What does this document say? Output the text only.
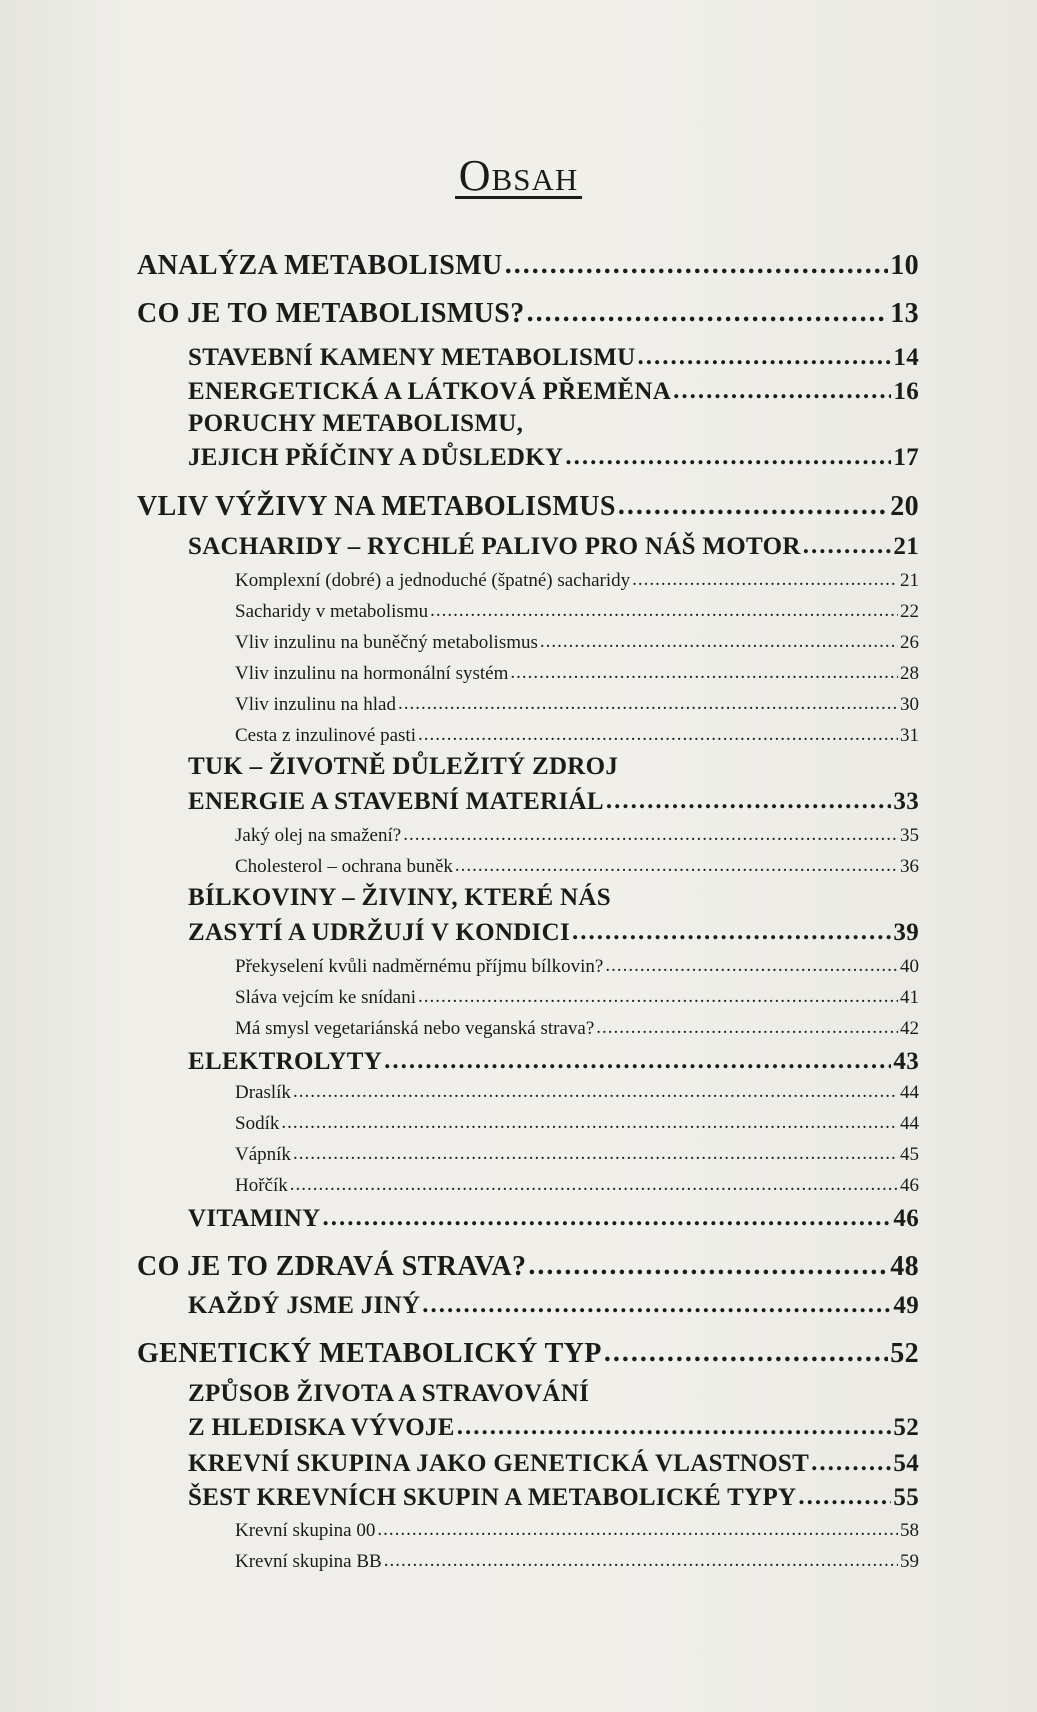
Obsah
ANALÝZA METABOLISMU .....	10
CO JE TO METABOLISMUS? .....	13
STAVEBNÍ KAMENY METABOLISMU .....	14
ENERGETICKÁ A LÁTKOVÁ PŘEMĚNA .....	16
PORUCHY METABOLISMU,
JEJICH PŘÍČINY A DŮSLEDKY .....	17
VLIV VÝŽIVY NA METABOLISMUS .....	20
SACHARIDY – RYCHLÉ PALIVO PRO NÁŠ MOTOR .....	21
Komplexní (dobré) a jednoduché (špatné) sacharidy .....	21
Sacharidy v metabolismu .....	22
Vliv inzulinu na buněčný metabolismus .....	26
Vliv inzulinu na hormonální systém .....	28
Vliv inzulinu na hlad .....	30
Cesta z inzulinové pasti .....	31
TUK – ŽIVOTNĚ DŮLEŽITÝ ZDROJ
ENERGIE A STAVEBNÍ MATERIÁL .....	33
Jaký olej na smažení? .....	35
Cholesterol – ochrana buněk .....	36
BÍLKOVINY – ŽIVINY, KTERÉ NÁS
ZASYTÍ A UDRŽUJÍ V KONDICI .....	39
Překyselení kvůli nadměrnému příjmu bílkovin? .....	40
Sláva vejcím ke snídani .....	41
Má smysl vegetariánská nebo veganská strava? .....	42
ELEKTROLYTY .....	43
Draslík .....	44
Sodík .....	44
Vápník .....	45
Hořčík .....	46
VITAMINY .....	46
CO JE TO ZDRAVÁ STRAVA? .....	48
KAŽDÝ JSME JINÝ .....	49
GENETICKÝ METABOLICKÝ TYP .....	52
ZPŮSOB ŽIVOTA A STRAVOVÁNÍ
Z HLEDISKA VÝVOJE .....	52
KREVNÍ SKUPINA JAKO GENETICKÁ VLASTNOST .....	54
ŠEST KREVNÍCH SKUPIN A METABOLICKÉ TYPY .....	55
Krevní skupina 00 .....	58
Krevní skupina BB .....	59
